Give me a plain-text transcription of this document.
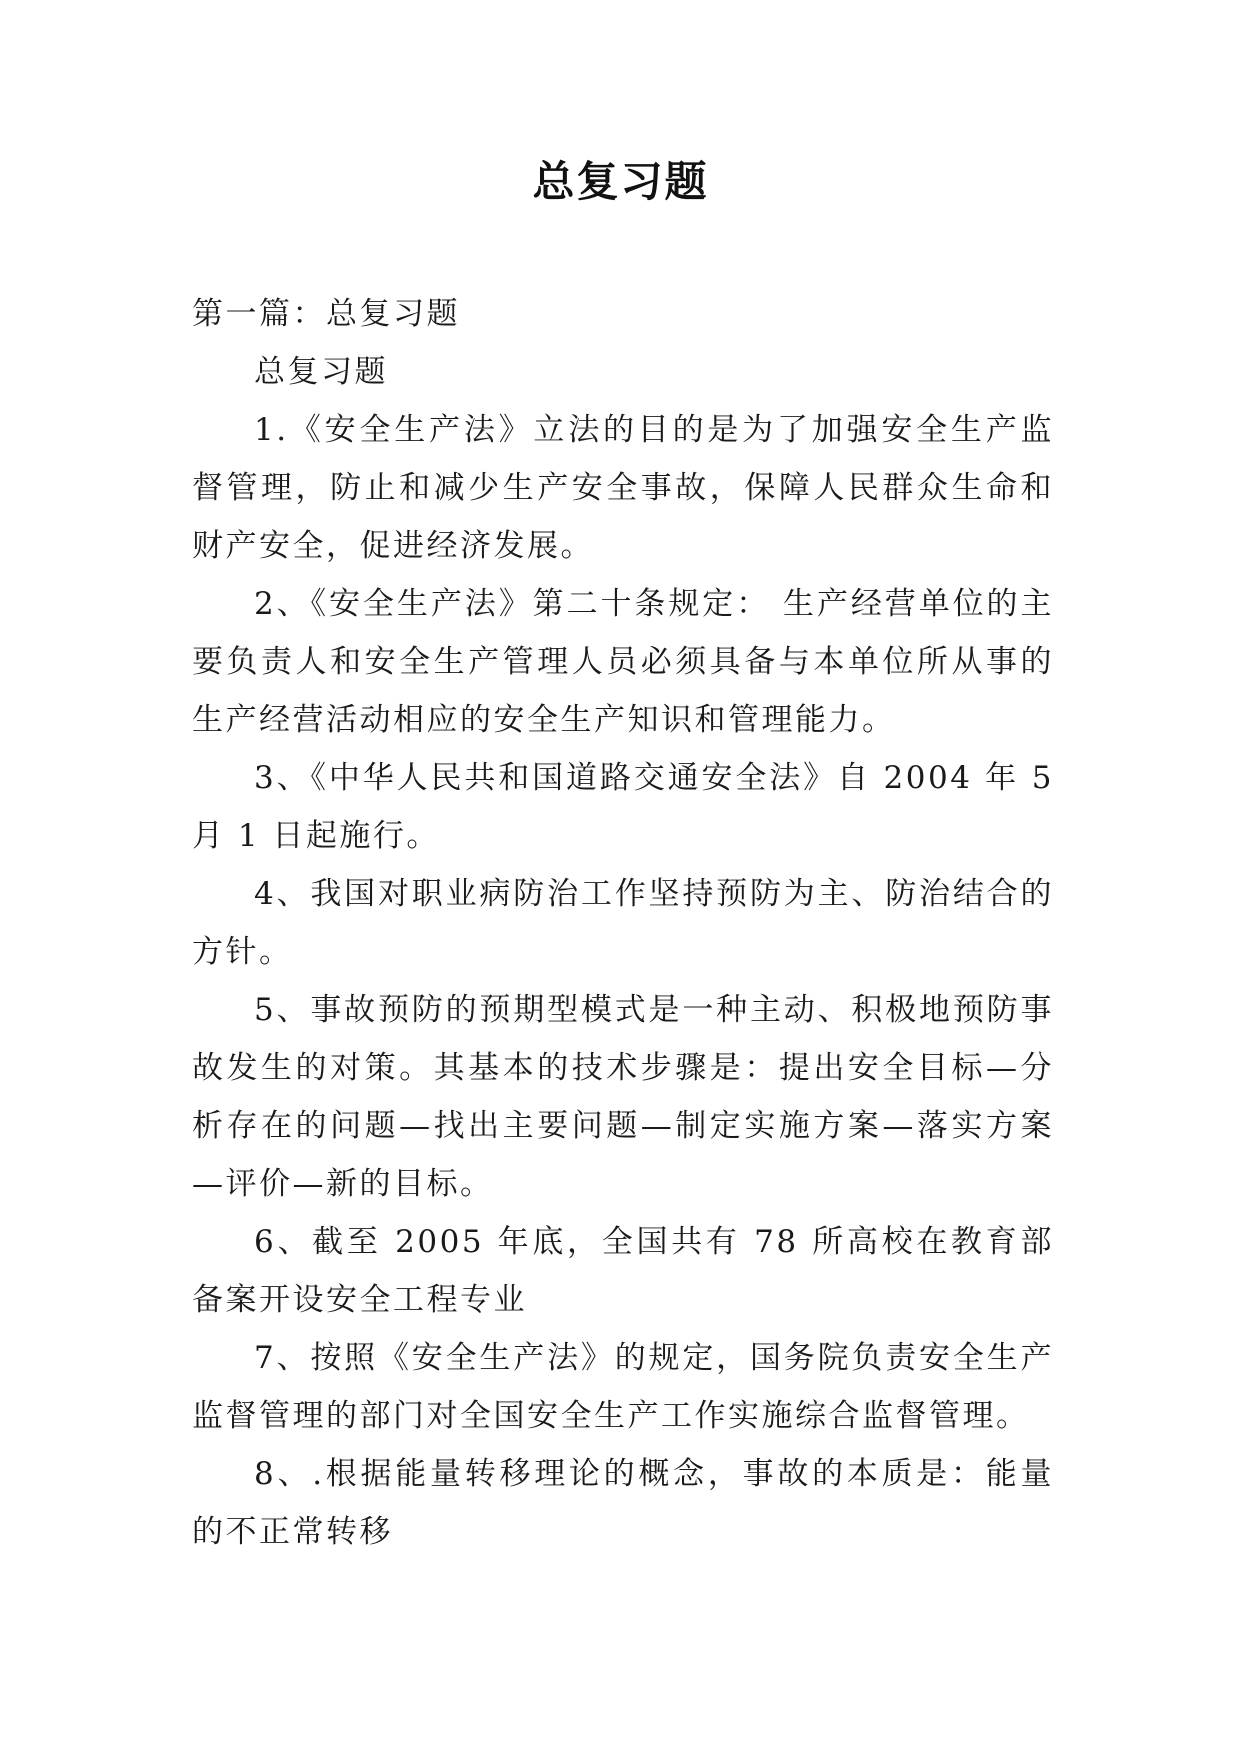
总复习题

第一篇：总复习题

总复习题

1.《安全生产法》立法的目的是为了加强安全生产监督管理，防止和减少生产安全事故，保障人民群众生命和财产安全，促进经济发展。

2、《安全生产法》第二十条规定： 生产经营单位的主要负责人和安全生产管理人员必须具备与本单位所从事的生产经营活动相应的安全生产知识和管理能力。

3、《中华人民共和国道路交通安全法》自 2004 年 5 月 1 日起施行。

4、我国对职业病防治工作坚持预防为主、防治结合的方针。

5、事故预防的预期型模式是一种主动、积极地预防事故发生的对策。其基本的技术步骤是：提出安全目标—分析存在的问题—找出主要问题—制定实施方案—落实方案—评价—新的目标。

6、截至 2005 年底，全国共有 78 所高校在教育部备案开设安全工程专业

7、按照《安全生产法》的规定，国务院负责安全生产监督管理的部门对全国安全生产工作实施综合监督管理。

8、.根据能量转移理论的概念，事故的本质是：能量的不正常转移
